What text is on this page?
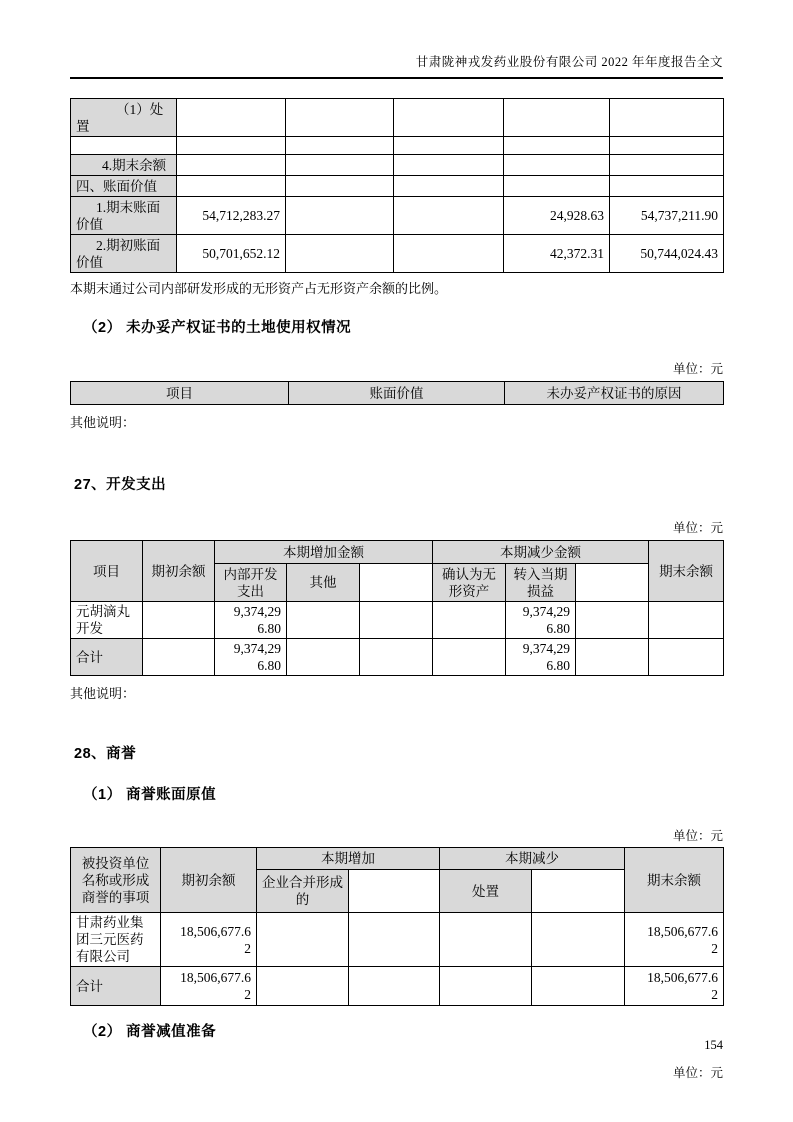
甘肃陇神戎发药业股份有限公司 2022 年年度报告全文
（1）处置					

4.期末余额					
四、账面价值					
1.期末账面价值	54,712,283.27			24,928.63	54,737,211.90
2.期初账面价值	50,701,652.12			42,372.31	50,744,024.43
本期末通过公司内部研发形成的无形资产占无形资产余额的比例。
（2） 未办妥产权证书的土地使用权情况
单位：元
项目	账面价值	未办妥产权证书的原因
其他说明：
27、开发支出
单位：元
项目	期初余额	本期增加金额			本期减少金额			期末余额
		内部开发支出	其他		确认为无形资产	转入当期损益		
元胡滴丸开发		9,374,296.80				9,374,296.80		
合计		9,374,296.80				9,374,296.80		
其他说明：
28、商誉
（1） 商誉账面原值
单位：元
被投资单位名称或形成商誉的事项	期初余额	本期增加		本期减少		期末余额
		企业合并形成的		处置		
甘肃药业集团三元医药有限公司	18,506,677.62					18,506,677.62
合计	18,506,677.62					18,506,677.62
（2） 商誉减值准备
单位：元
154
